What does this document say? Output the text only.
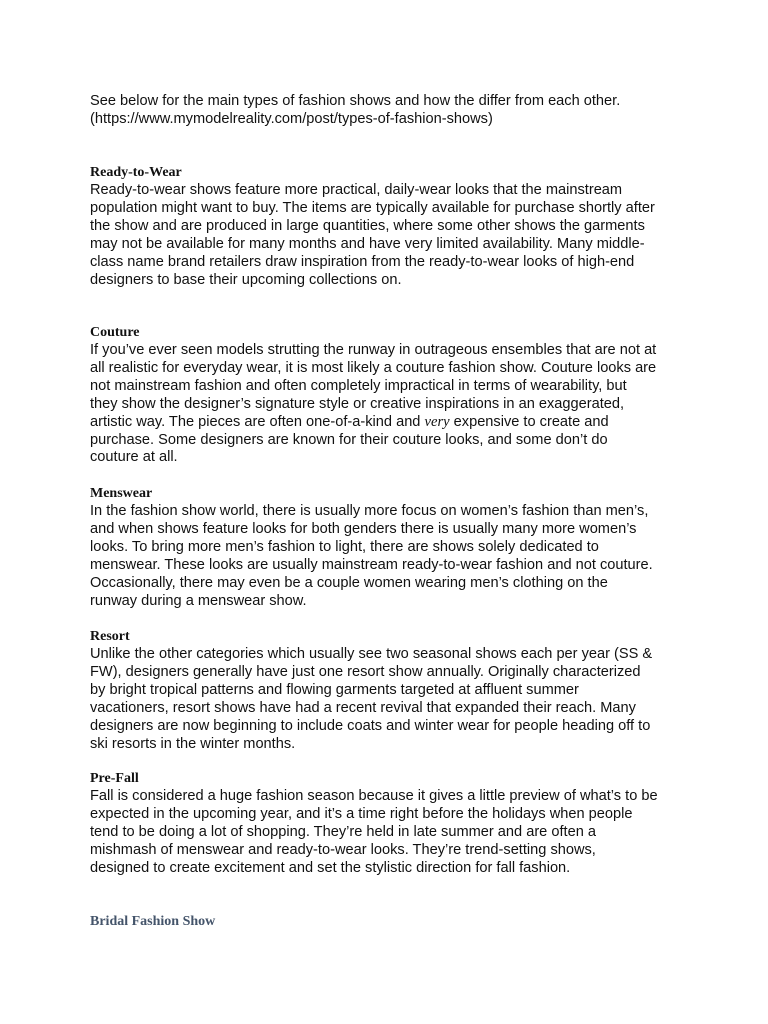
See below for the main types of fashion shows and how the differ from each other.

(https://www.mymodelreality.com/post/types-of-fashion-shows)

Ready-to-Wear

Ready-to-wear shows feature more practical, daily-wear looks that the mainstream
population might want to buy. The items are typically available for purchase shortly after
the show and are produced in large quantities, where some other shows the garments
may not be available for many months and have very limited availability. Many middle-
class name brand retailers draw inspiration from the ready-to-wear looks of high-end
designers to base their upcoming collections on.

Couture

If you’ve ever seen models strutting the runway in outrageous ensembles that are not at
all realistic for everyday wear, it is most likely a couture fashion show. Couture looks are
not mainstream fashion and often completely impractical in terms of wearability, but
they show the designer’s signature style or creative inspirations in an exaggerated,
artistic way. The pieces are often one-of-a-kind and very expensive to create and
purchase. Some designers are known for their couture looks, and some don’t do
couture at all.

Menswear

In the fashion show world, there is usually more focus on women’s fashion than men’s,
and when shows feature looks for both genders there is usually many more women’s
looks. To bring more men’s fashion to light, there are shows solely dedicated to
menswear. These looks are usually mainstream ready-to-wear fashion and not couture.
Occasionally, there may even be a couple women wearing men’s clothing on the
runway during a menswear show.

Resort

Unlike the other categories which usually see two seasonal shows each per year (SS &
FW), designers generally have just one resort show annually. Originally characterized
by bright tropical patterns and flowing garments targeted at affluent summer
vacationers, resort shows have had a recent revival that expanded their reach. Many
designers are now beginning to include coats and winter wear for people heading off to
ski resorts in the winter months.

Pre-Fall

Fall is considered a huge fashion season because it gives a little preview of what’s to be
expected in the upcoming year, and it’s a time right before the holidays when people
tend to be doing a lot of shopping. They’re held in late summer and are often a
mishmash of menswear and ready-to-wear looks. They’re trend-setting shows,
designed to create excitement and set the stylistic direction for fall fashion.

Bridal Fashion Show
